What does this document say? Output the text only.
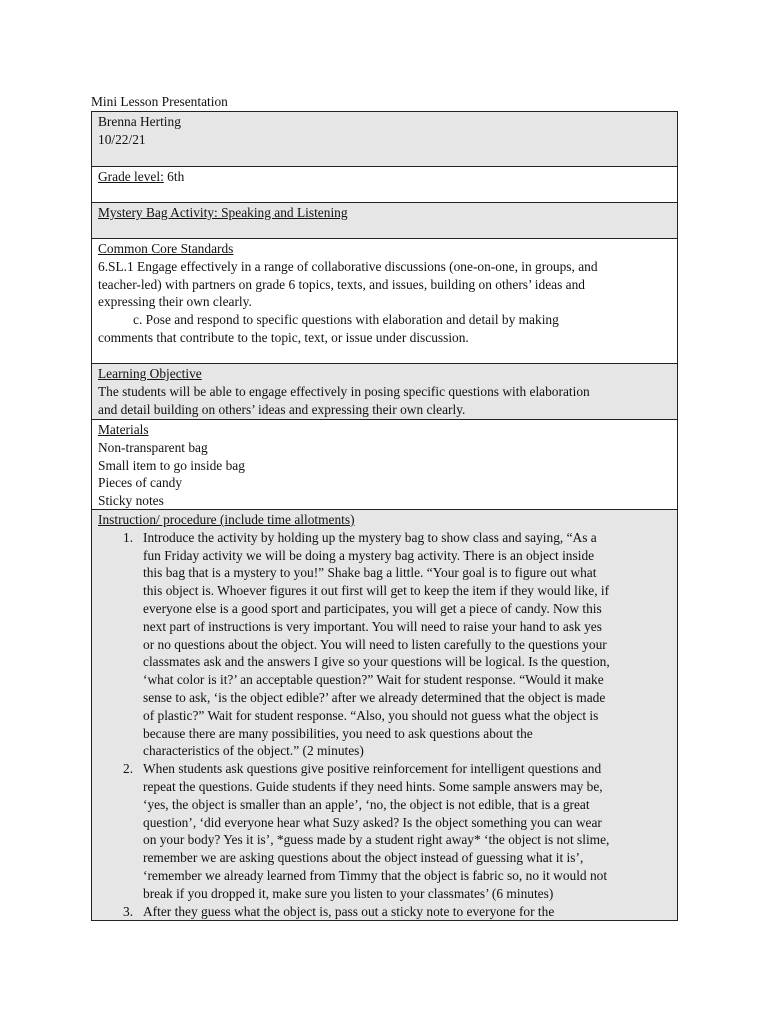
Mini Lesson Presentation
Brenna Herting
10/22/21
Grade level: 6th
Mystery Bag Activity: Speaking and Listening
Common Core Standards
6.SL.1 Engage effectively in a range of collaborative discussions (one-on-one, in groups, and
teacher-led) with partners on grade 6 topics, texts, and issues, building on others’ ideas and
expressing their own clearly.
c. Pose and respond to specific questions with elaboration and detail by making
comments that contribute to the topic, text, or issue under discussion.
Learning Objective
The students will be able to engage effectively in posing specific questions with elaboration
and detail building on others’ ideas and expressing their own clearly.
Materials
Non-transparent bag
Small item to go inside bag
Pieces of candy
Sticky notes
Instruction/ procedure (include time allotments)
1. Introduce the activity by holding up the mystery bag to show class and saying, “As a
fun Friday activity we will be doing a mystery bag activity. There is an object inside
this bag that is a mystery to you!” Shake bag a little. “Your goal is to figure out what
this object is. Whoever figures it out first will get to keep the item if they would like, if
everyone else is a good sport and participates, you will get a piece of candy. Now this
next part of instructions is very important. You will need to raise your hand to ask yes
or no questions about the object. You will need to listen carefully to the questions your
classmates ask and the answers I give so your questions will be logical. Is the question,
‘what color is it?’ an acceptable question?” Wait for student response. “Would it make
sense to ask, ‘is the object edible?’ after we already determined that the object is made
of plastic?” Wait for student response. “Also, you should not guess what the object is
because there are many possibilities, you need to ask questions about the
characteristics of the object.” (2 minutes)
2. When students ask questions give positive reinforcement for intelligent questions and
repeat the questions. Guide students if they need hints. Some sample answers may be,
‘yes, the object is smaller than an apple’, ‘no, the object is not edible, that is a great
question’, ‘did everyone hear what Suzy asked? Is the object something you can wear
on your body? Yes it is’, *guess made by a student right away* ‘the object is not slime,
remember we are asking questions about the object instead of guessing what it is’,
‘remember we already learned from Timmy that the object is fabric so, no it would not
break if you dropped it, make sure you listen to your classmates’ (6 minutes)
3. After they guess what the object is, pass out a sticky note to everyone for the
